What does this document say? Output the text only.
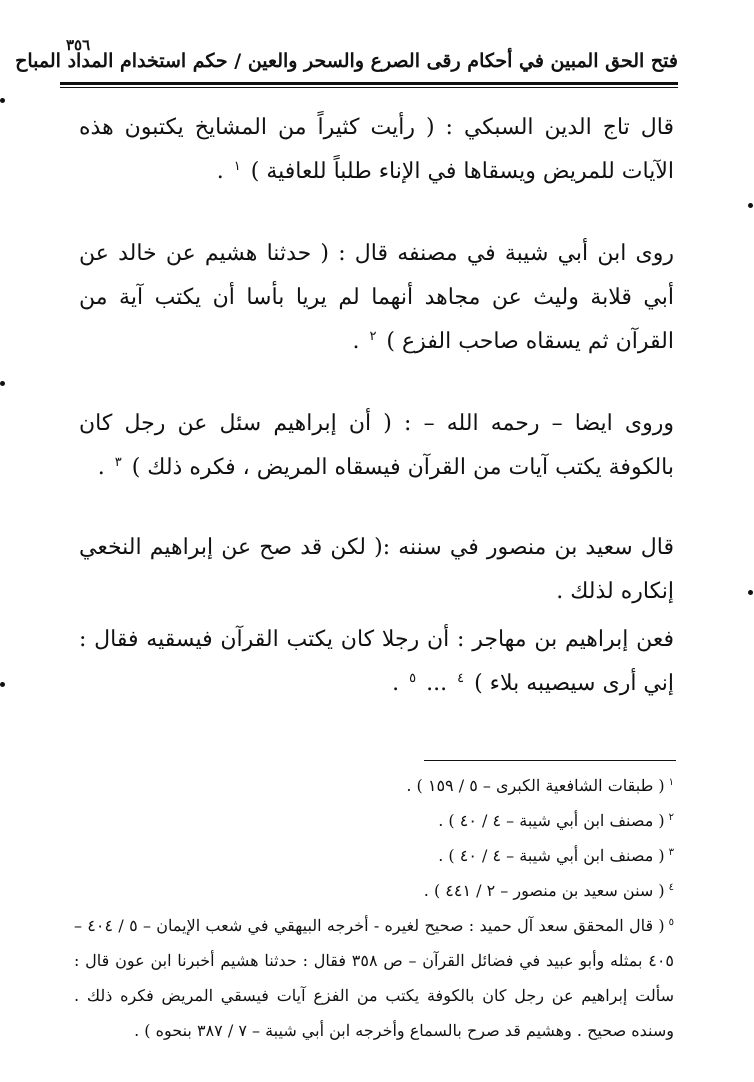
فتح الحق المبين في أحكام رقى الصرع والسحر والعين / حكم استخدام المداد المباح
٣٥٦

قال تاج الدين السبكي : ( رأيت كثيراً من المشايخ يكتبون هذه الآيات للمريض ويسقاها في الإناء طلباً للعافية ) $^١$ .

روى ابن أبي شيبة في مصنفه قال : ( حدثنا هشيم عن خالد عن أبي قلابة وليث عن مجاهد أنهما لم يريا بأسا أن يكتب آية من القرآن ثم يسقاه صاحب الفزع ) $^٢$ .

وروى ايضا – رحمه الله – : ( أن إبراهيم سئل عن رجل كان بالكوفة يكتب آيات من القرآن فيسقاه المريض ، فكره ذلك ) $^٣$ .

قال سعيد بن منصور في سننه :( لكن قد صح عن إبراهيم النخعي إنكاره لذلك .

فعن إبراهيم بن مهاجر : أن رجلا كان يكتب القرآن فيسقيه فقال : إني أرى سيصيبه بلاء ) $^٤$ ... $^٥$ .

$^١$( طبقات الشافعية الكبرى – ٥ / ١٥٩ ) .

$^٢$( مصنف ابن أبي شيبة – ٤ / ٤٠ ) .

$^٣$( مصنف ابن أبي شيبة – ٤ / ٤٠ ) .

$^٤$( سنن سعيد بن منصور – ٢ / ٤٤١ ) .

$^٥$( قال المحقق سعد آل حميد : صحيح لغيره - أخرجه البيهقي في شعب الإيمان – ٥ / ٤٠٤ – ٤٠٥ بمثله وأبو عبيد في فضائل القرآن – ص ٣٥٨ فقال : حدثنا هشيم أخبرنا ابن عون قال : سألت إبراهيم عن رجل كان بالكوفة يكتب من الفزع آيات فيسقي المريض فكره ذلك . وسنده صحيح . وهشيم قد صرح بالسماع وأخرجه ابن أبي شيبة – ٧ / ٣٨٧ بنحوه ) .
